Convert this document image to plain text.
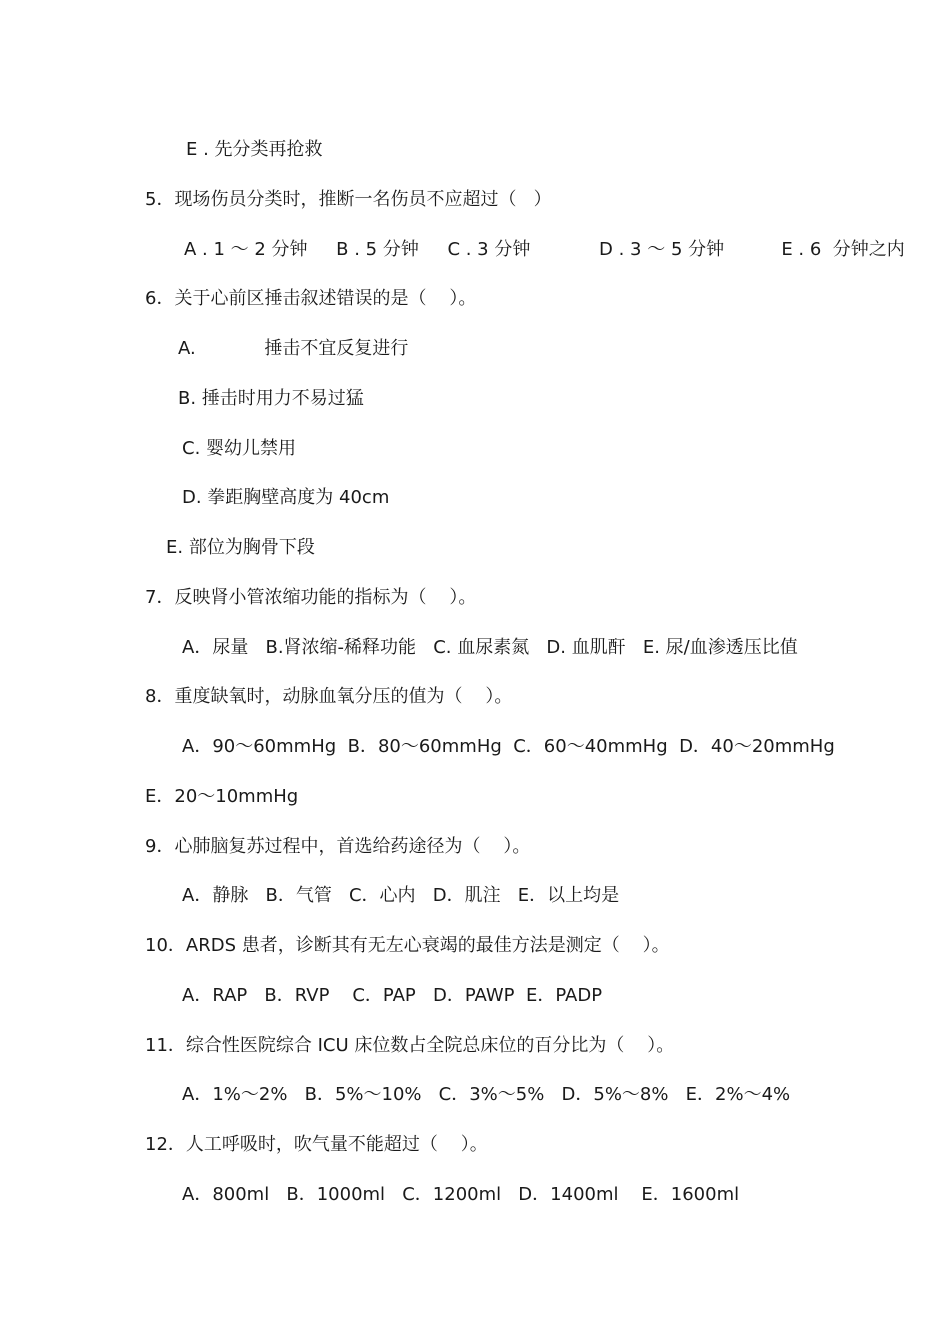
E . 先分类再抢救

5．现场伤员分类时，推断一名伤员不应超过（   ）

A . 1 ～ 2 分钟     B . 5 分钟     C . 3 分钟            D . 3 ～ 5 分钟          E . 6  分钟之内

6．关于心前区捶击叙述错误的是（    ）。

A.            捶击不宜反复进行

B. 捶击时用力不易过猛

C. 婴幼儿禁用

D. 拳距胸壁高度为 40cm

E. 部位为胸骨下段

7．反映肾小管浓缩功能的指标为（    ）。

A．尿量   B.肾浓缩-稀释功能   C. 血尿素氮   D. 血肌酐   E. 尿/血渗透压比值

8．重度缺氧时，动脉血氧分压的值为（    ）。

A．90～60mmHg  B．80～60mmHg  C．60～40mmHg  D．40～20mmHg

E．20～10mmHg

9．心肺脑复苏过程中，首选给药途径为（    ）。

A．静脉   B．气管   C．心内   D．肌注   E．以上均是

10．ARDS 患者，诊断其有无左心衰竭的最佳方法是测定（    ）。

A．RAP   B．RVP    C．PAP   D．PAWP  E．PADP

11．综合性医院综合 ICU 床位数占全院总床位的百分比为（    ）。

A．1%～2%   B．5%～10%   C．3%～5%   D．5%～8%   E．2%～4%

12．人工呼吸时，吹气量不能超过（    ）。

A．800ml   B．1000ml   C．1200ml   D．1400ml    E．1600ml
